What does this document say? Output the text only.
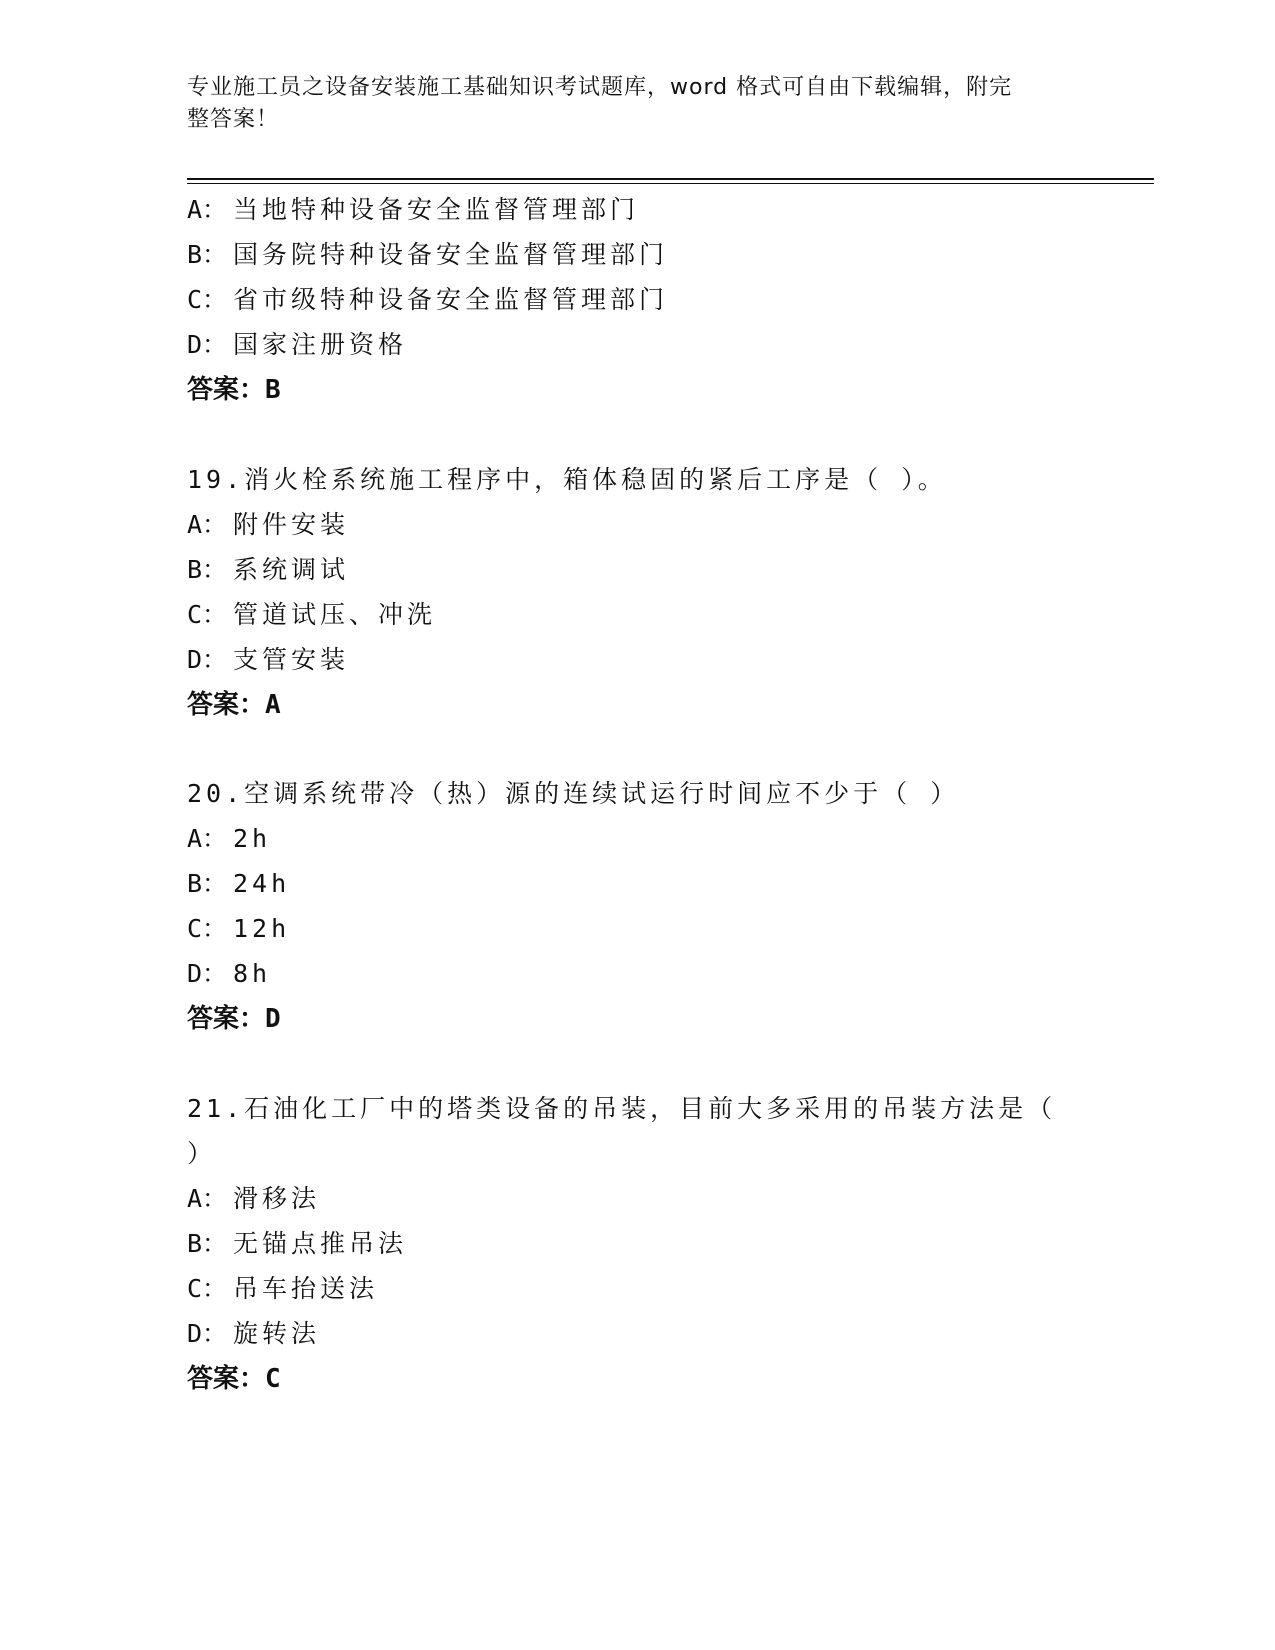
专业施工员之设备安装施工基础知识考试题库，word 格式可自由下载编辑，附完
整答案！
A： 当地特种设备安全监督管理部门
B： 国务院特种设备安全监督管理部门
C： 省市级特种设备安全监督管理部门
D： 国家注册资格
答案：B
19.消火栓系统施工程序中，箱体稳固的紧后工序是（ ）。
A： 附件安装
B： 系统调试
C： 管道试压、冲洗
D： 支管安装
答案：A
20.空调系统带冷（热）源的连续试运行时间应不少于（ ）
A： 2h
B： 24h
C： 12h
D： 8h
答案：D
21.石油化工厂中的塔类设备的吊装，目前大多采用的吊装方法是（
）
A： 滑移法
B： 无锚点推吊法
C： 吊车抬送法
D： 旋转法
答案：C
